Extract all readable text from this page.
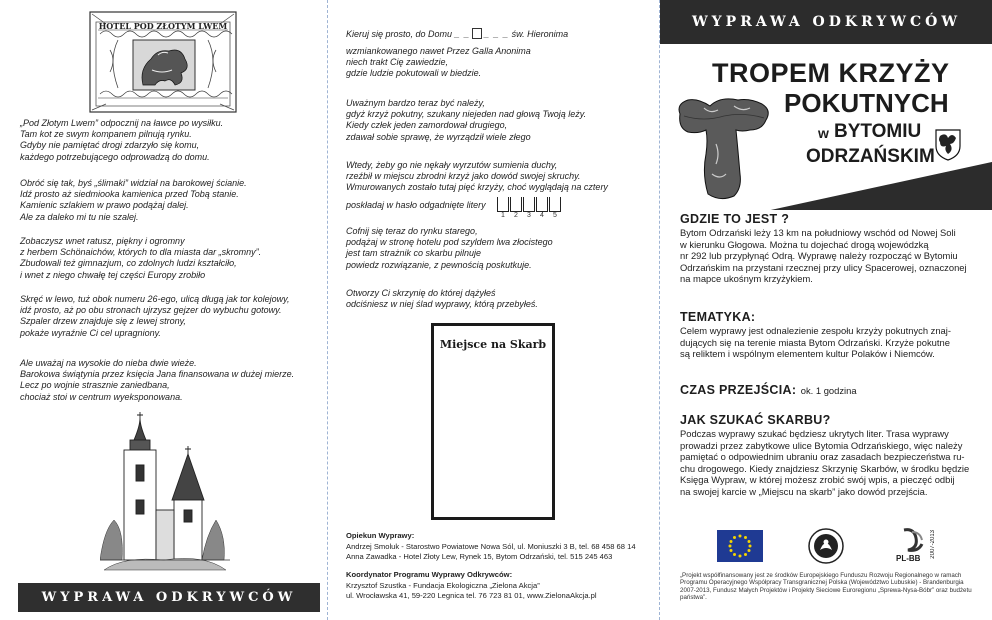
HOTEL POD ZŁOTYM LWEM
„Pod Złotym Lwem” odpocznij na ławce po wysiłku.
Tam kot ze swym kompanem pilnują rynku.
Gdyby nie pamiętać drogi zdarzyło się komu,
każdego potrzebującego odprowadzą do domu.
Obróć się tak, byś „ślimaki” widział na barokowej ścianie.
Idź prosto aż siedmiooka kamienica przed Tobą stanie.
Kamienic szlakiem w prawo podążaj dalej.
Ale za daleko mi tu nie szalej.
Zobaczysz wnet ratusz, piękny i ogromny
z herbem Schönaichów, których to dla miasta dar „skromny”.
Zbudowali też gimnazjum, co zdolnych ludzi kształciło,
i wnet z niego chwałę tej części Europy zrobiło
Skręć w lewo, tuż obok numeru 26-ego, ulicą długą jak tor kolejowy,
idź prosto, aż po obu stronach ujrzysz gejzer do wybuchu gotowy.
Szpaler drzew znajduje się z lewej strony,
pokaże wyraźnie Ci cel upragniony.
Ale uważaj na wysokie do nieba dwie wieże.
Barokowa świątynia przez księcia Jana finansowana w dużej mierze.
Lecz po wojnie strasznie zaniedbana,
chociaż stoi w centrum wyeksponowana.
WYPRAWA ODKRYWCÓW
Kieruj się prosto, do Domu _ _ _ _ _ św. Hieronima
wzmiankowanego nawet Przez Galla Anonima
niech trakt Cię zawiedzie,
gdzie ludzie pokutowali w biedzie.
Uważnym bardzo teraz być należy,
gdyż krzyż pokutny, szukany niejeden nad głową Twoją leży.
Kiedy człek jeden zamordował drugiego,
zdawał sobie sprawę, że wyrządził wiele złego
Wtedy, żeby go nie nękały wyrzutów sumienia duchy,
rzeźbił w miejscu zbrodni krzyż jako dowód swojej skruchy.
Wmurowanych zostało tutaj pięć krzyży, choć wyglądają na cztery
poskładaj w hasło odgadnięte litery
1	2	3	4	5
Cofnij się teraz do rynku starego,
podążaj w stronę hotelu pod szyldem lwa złocistego
jest tam strażnik co skarbu pilnuje
powiedz rozwiązanie, z pewnością poskutkuje.
Otworzy Ci skrzynię do której dążyłeś
odciśniesz w niej ślad wyprawy, którą przebyłeś.
Miejsce na Skarb
Opiekun Wyprawy:
Andrzej Smoluk - Starostwo Powiatowe Nowa Sól, ul. Moniuszki 3 B, tel. 68 458 68 14
Anna Zawadka - Hotel Złoty Lew, Rynek 15, Bytom Odrzański, tel. 515 245 463
Koordynator Programu Wyprawy Odkrywców:
Krzysztof Szustka - Fundacja Ekologiczna „Zielona Akcja”
ul. Wrocławska 41, 59-220 Legnica tel. 76 723 81 01, www.ZielonaAkcja.pl
WYPRAWA ODKRYWCÓW
TROPEM KRZYŻY
POKUTNYCH
w BYTOMIU
ODRZAŃSKIM
GDZIE TO JEST ?
Bytom Odrzański leży 13 km na południowy wschód od Nowej Soli
w kierunku Głogowa. Można tu dojechać drogą wojewódzką
nr 292 lub przypłynąć Odrą. Wyprawę należy rozpocząć w Bytomiu
Odrzańskim na przystani rzecznej przy ulicy Spacerowej, oznaczonej
na mapce ukośnym krzyżykiem.
TEMATYKA:
Celem wyprawy jest odnalezienie zespołu krzyży pokutnych znaj-
dujących się na terenie miasta Bytom Odrzański. Krzyże pokutne
są reliktem i wspólnym elementem kultur Polaków i Niemców.
CZAS PRZEJŚCIA: ok. 1 godzina
JAK SZUKAĆ SKARBU?
Podczas wyprawy szukać będziesz ukrytych liter. Trasa wyprawy
prowadzi przez zabytkowe ulice Bytomia Odrzańskiego, więc należy
pamiętać o odpowiednim ubraniu oraz zasadach bezpieczeństwa ru-
chu drogowego. Kiedy znajdziesz Skrzynię Skarbów, w środku będzie
Księga Wypraw, w której możesz zrobić swój wpis, a pieczęć odbij
na swojej karcie w „Miejscu na skarb” jako dowód przejścia.
PL-BB 2007-2013
„Projekt współfinansowany jest ze środków Europejskiego Funduszu Rozwoju Regionalnego w ramach
Programu Operacyjnego Współpracy Transgranicznej Polska (Województwo Lubuskie) - Brandenburgia
2007-2013, Fundusz Małych Projektów i Projekty Sieciowe Euroregionu „Sprewa-Nysa-Bóbr” oraz budżetu
państwa”.
